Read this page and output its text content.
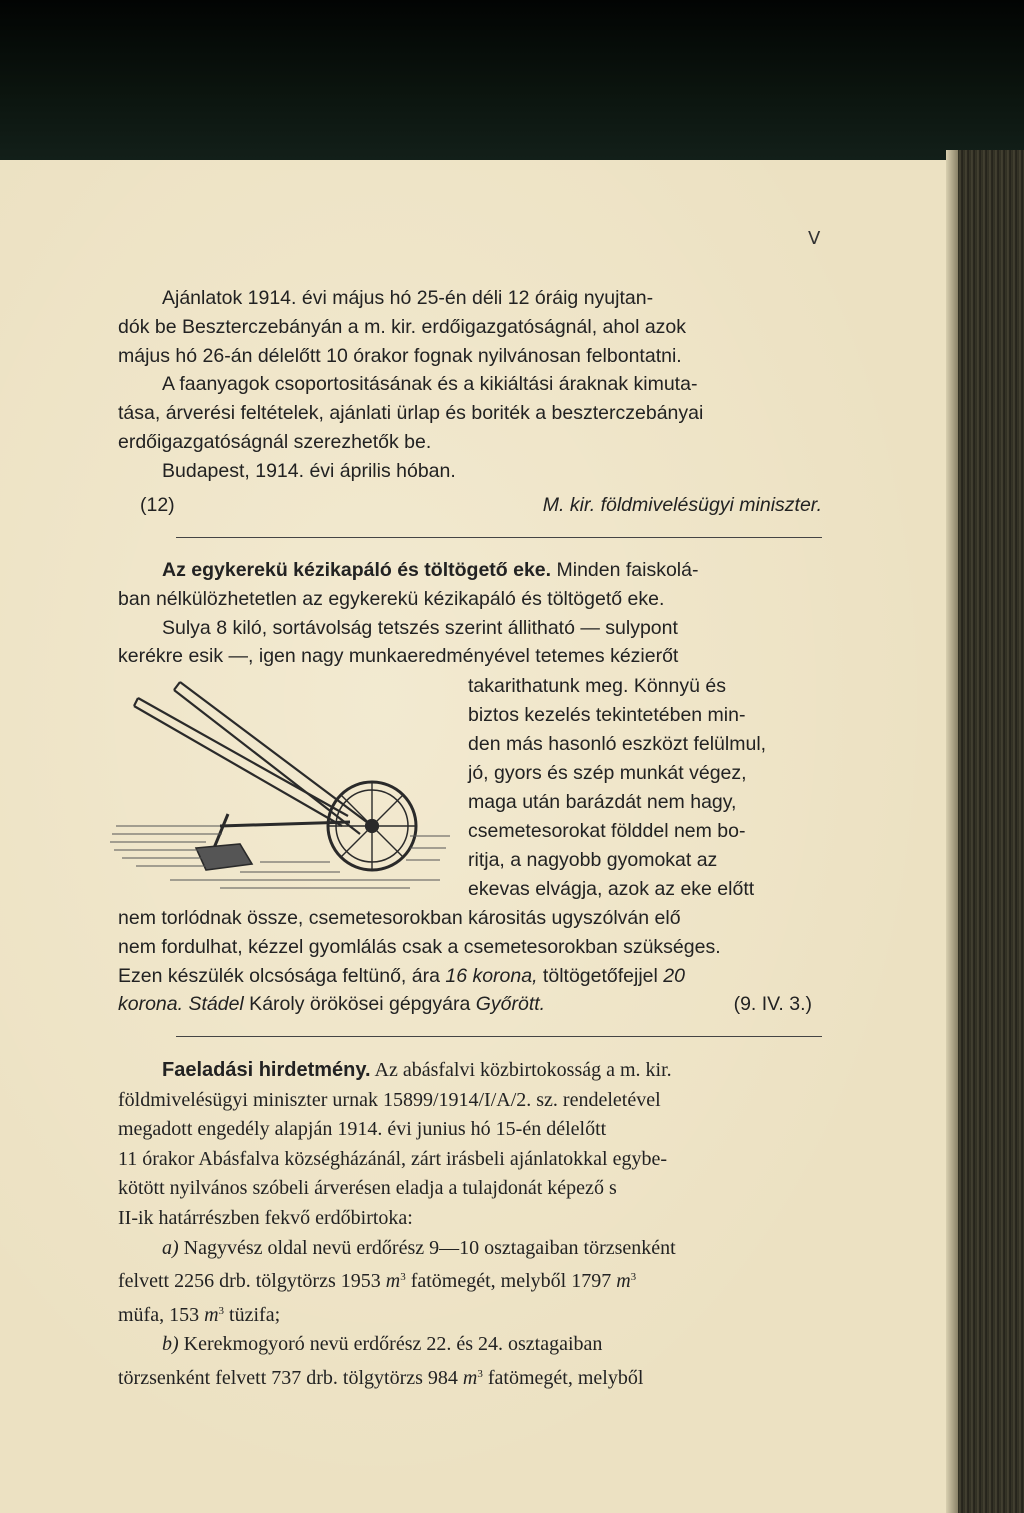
V
Ajánlatok 1914. évi május hó 25-én déli 12 óráig nyujtan-
dók be Beszterczebányán a m. kir. erdőigazgatóságnál, ahol azok
május hó 26-án délelőtt 10 órakor fognak nyilvánosan felbontatni.
A faanyagok csoportositásának és a kikiáltási áraknak kimuta-
tása, árverési feltételek, ajánlati ürlap és boriték a beszterczebányai
erdőigazgatóságnál szerezhetők be.
Budapest, 1914. évi április hóban.
(12)	M. kir. földmivelésügyi miniszter.
Az egykerekü kézikapáló és töltögető eke. Minden faiskolá-
ban nélkülözhetetlen az egykerekü kézikapáló és töltögető eke.
Sulya 8 kiló, sortávolság tetszés szerint állitható — sulypont
kerékre esik —, igen nagy munkaeredményével tetemes kézierőt
takarithatunk meg. Könnyü és
biztos kezelés tekintetében min-
den más hasonló eszközt felülmul,
jó, gyors és szép munkát végez,
maga után barázdát nem hagy,
csemetesorokat földdel nem bo-
ritja, a nagyobb gyomokat az
ekevas elvágja, azok az eke előtt
nem torlódnak össze, csemetesorokban kárositás ugyszólván elő
nem fordulhat, kézzel gyomlálás csak a csemetesorokban szükséges.
Ezen készülék olcsósága feltünő, ára 16 korona, töltögetőfejjel 20
korona. Stádel Károly örökösei gépgyára Győrött.	(9. IV. 3.)
Faeladási hirdetmény. Az abásfalvi közbirtokosság a m. kir.
földmivelésügyi miniszter urnak 15899/1914/I/A/2. sz. rendeletével
megadott engedély alapján 1914. évi junius hó 15-én délelőtt
11 órakor Abásfalva községházánál, zárt irásbeli ajánlatokkal egybe-
kötött nyilvános szóbeli árverésen eladja a tulajdonát képező s
II-ik határrészben fekvő erdőbirtoka:
a) Nagyvész oldal nevü erdőrész 9—10 osztagaiban törzsenként
felvett 2256 drb. tölgytörzs 1953 $m^3$ fatömegét, melyből 1797 $m^3$
müfa, 153 $m^3$ tüzifa;
b) Kerekmogyoró nevü erdőrész 22. és 24. osztagaiban
törzsenként felvett 737 drb. tölgytörzs 984 $m^3$ fatömegét, melyből
